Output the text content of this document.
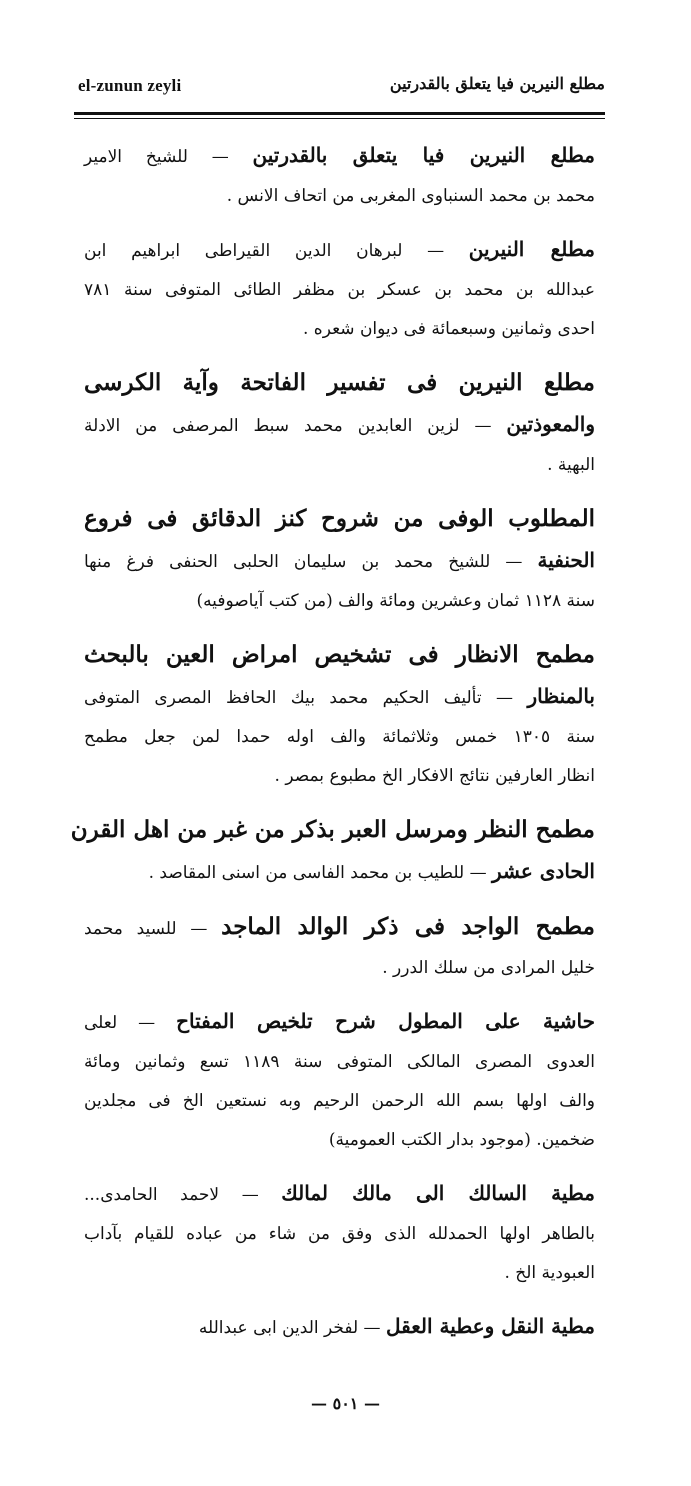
el-zunun zeyli	مطلع النيرين فيا يتعلق بالقدرتين
مطلع النيرين فيا يتعلق بالقدرتين — للشيخ الامير
محمد بن محمد السنباوى المغربى من اتحاف الانس .
مطلع النيرين — لبرهان الدين القيراطى ابراهيم ابن
عبدالله بن محمد بن عسكر بن مظفر الطائى المتوفى سنة ٧٨١
احدى وثمانين وسبعمائة فى ديوان شعره .
مطلع النيرين فى تفسير الفاتحة وآية الكرسى
والمعوذتين — لزين العابدين محمد سبط المرصفى من الادلة
البهية .
المطلوب الوفى من شروح كنز الدقائق فى فروع
الحنفية — للشيخ محمد بن سليمان الحلبى الحنفى فرغ منها
سنة ١١٢٨ ثمان وعشرين ومائة والف (من كتب آياصوفيه)
مطمح الانظار فى تشخيص امراض العين بالبحث
بالمنظار — تأليف الحكيم محمد بيك الحافظ المصرى المتوفى
سنة ١٣٠٥ خمس وثلاثمائة والف اوله حمدا لمن جعل مطمح
انظار العارفين نتائج الافكار الخ مطبوع بمصر .
مطمح النظر ومرسل العبر بذكر من غبر من اهل القرن
الحادى عشر — للطيب بن محمد الفاسى من اسنى المقاصد .
مطمح الواجد فى ذكر الوالد الماجد — للسيد محمد
خليل المرادى من سلك الدرر .
حاشية على المطول شرح تلخيص المفتاح — لعلى
العدوى المصرى المالكى المتوفى سنة ١١٨٩ تسع وثمانين ومائة
والف اولها بسم الله الرحمن الرحيم وبه نستعين الخ فى مجلدين
ضخمين. (موجود بدار الكتب العمومية)
مطية السالك الى مالك لمالك — لاحمد الحامدى...
بالطاهر اولها الحمدلله الذى وفق من شاء من عباده للقيام بآداب
العبودية الخ .
مطية النقل وعطية العقل — لفخر الدين ابى عبدالله
— ٥٠١ —
